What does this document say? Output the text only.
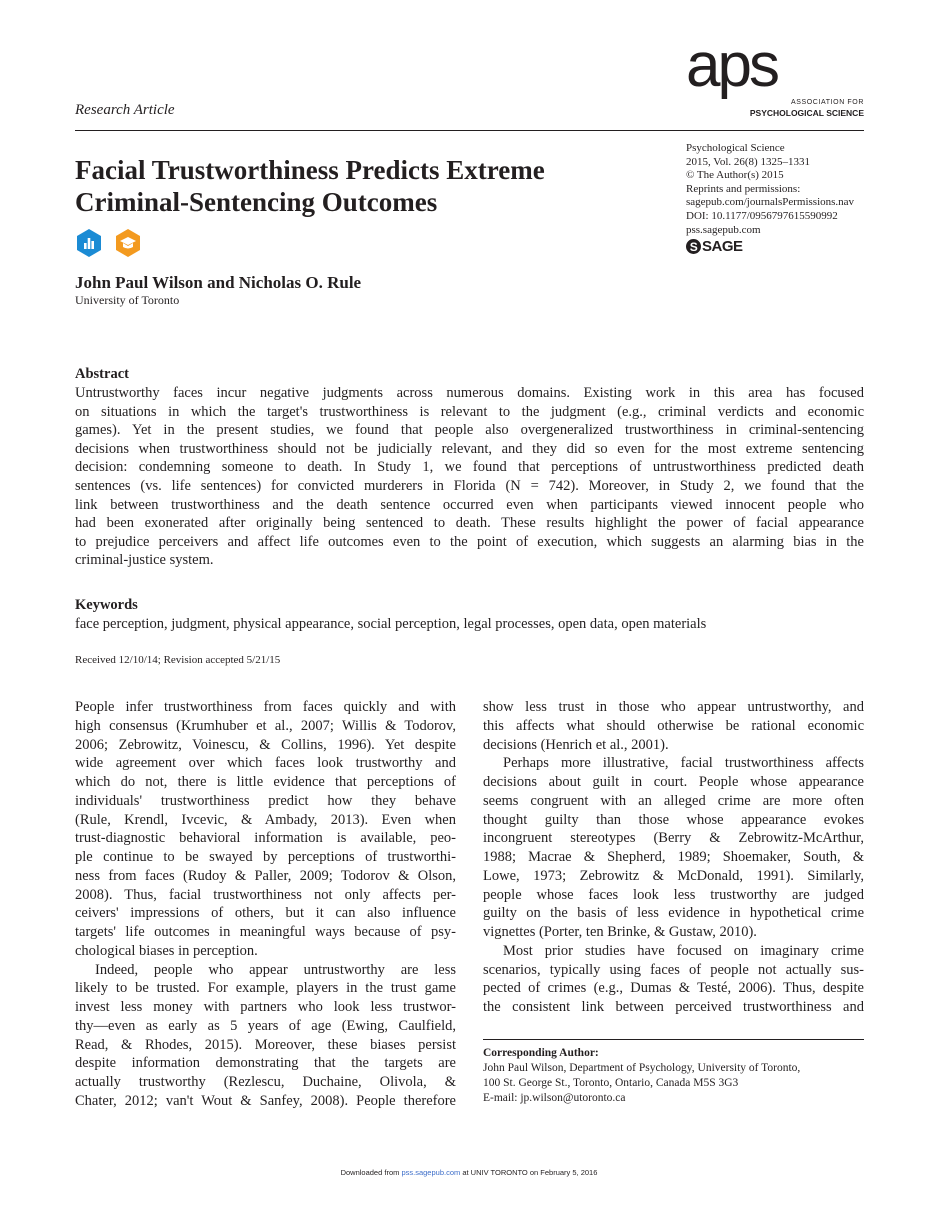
Research Article
aps
ASSOCIATION FOR
PSYCHOLOGICAL SCIENCE
Psychological Science
2015, Vol. 26(8) 1325–1331
© The Author(s) 2015
Reprints and permissions:
sagepub.com/journalsPermissions.nav
DOI: 10.1177/0956797615590992
pss.sagepub.com
S SAGE
Facial Trustworthiness Predicts Extreme
Criminal-Sentencing Outcomes
John Paul Wilson and Nicholas O. Rule
University of Toronto
Abstract
Untrustworthy faces incur negative judgments across numerous domains. Existing work in this area has focused
on situations in which the target's trustworthiness is relevant to the judgment (e.g., criminal verdicts and economic
games). Yet in the present studies, we found that people also overgeneralized trustworthiness in criminal-sentencing
decisions when trustworthiness should not be judicially relevant, and they did so even for the most extreme sentencing
decision: condemning someone to death. In Study 1, we found that perceptions of untrustworthiness predicted death
sentences (vs. life sentences) for convicted murderers in Florida (N = 742). Moreover, in Study 2, we found that the
link between trustworthiness and the death sentence occurred even when participants viewed innocent people who
had been exonerated after originally being sentenced to death. These results highlight the power of facial appearance
to prejudice perceivers and affect life outcomes even to the point of execution, which suggests an alarming bias in the
criminal-justice system.
Keywords
face perception, judgment, physical appearance, social perception, legal processes, open data, open materials
Received 12/10/14; Revision accepted 5/21/15
People infer trustworthiness from faces quickly and with
high consensus (Krumhuber et al., 2007; Willis & Todorov,
2006; Zebrowitz, Voinescu, & Collins, 1996). Yet despite
wide agreement over which faces look trustworthy and
which do not, there is little evidence that perceptions of
individuals' trustworthiness predict how they behave
(Rule, Krendl, Ivcevic, & Ambady, 2013). Even when
trust-diagnostic behavioral information is available, peo-
ple continue to be swayed by perceptions of trustworthi-
ness from faces (Rudoy & Paller, 2009; Todorov & Olson,
2008). Thus, facial trustworthiness not only affects per-
ceivers' impressions of others, but it can also influence
targets' life outcomes in meaningful ways because of psy-
chological biases in perception.
Indeed, people who appear untrustworthy are less
likely to be trusted. For example, players in the trust game
invest less money with partners who look less trustwor-
thy—even as early as 5 years of age (Ewing, Caulfield,
Read, & Rhodes, 2015). Moreover, these biases persist
despite information demonstrating that the targets are
actually trustworthy (Rezlescu, Duchaine, Olivola, &
Chater, 2012; van't Wout & Sanfey, 2008). People therefore
show less trust in those who appear untrustworthy, and
this affects what should otherwise be rational economic
decisions (Henrich et al., 2001).
Perhaps more illustrative, facial trustworthiness affects
decisions about guilt in court. People whose appearance
seems congruent with an alleged crime are more often
thought guilty than those whose appearance evokes
incongruent stereotypes (Berry & Zebrowitz-McArthur,
1988; Macrae & Shepherd, 1989; Shoemaker, South, &
Lowe, 1973; Zebrowitz & McDonald, 1991). Similarly,
people whose faces look less trustworthy are judged
guilty on the basis of less evidence in hypothetical crime
vignettes (Porter, ten Brinke, & Gustaw, 2010).
Most prior studies have focused on imaginary crime
scenarios, typically using faces of people not actually sus-
pected of crimes (e.g., Dumas & Testé, 2006). Thus, despite
the consistent link between perceived trustworthiness and
Corresponding Author:
John Paul Wilson, Department of Psychology, University of Toronto,
100 St. George St., Toronto, Ontario, Canada M5S 3G3
E-mail: jp.wilson@utoronto.ca
Downloaded from pss.sagepub.com at UNIV TORONTO on February 5, 2016
